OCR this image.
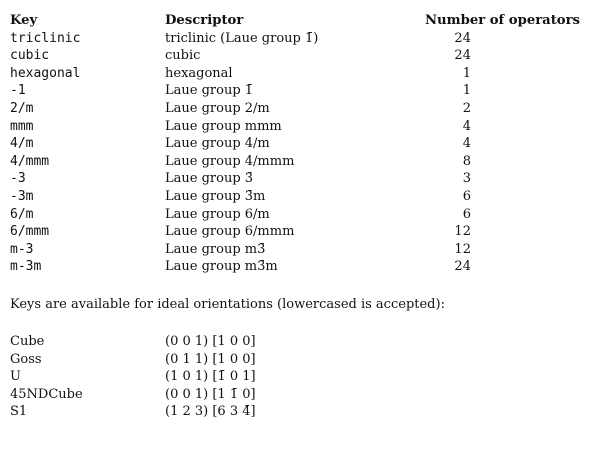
Key	Descriptor	Number of operators
triclinic	triclinic (Laue group 1̄)	24
cubic	cubic	24
hexagonal	hexagonal	1
-1	Laue group 1̄	1
2/m	Laue group 2/m	2
mmm	Laue group mmm	4
4/m	Laue group 4/m	4
4/mmm	Laue group 4/mmm	8
-3	Laue group 3̄	3
-3m	Laue group 3̄m	6
6/m	Laue group 6/m	6
6/mmm	Laue group 6/mmm	12
m-3	Laue group m3̄	12
m-3m	Laue group m3̄m	24

Keys are available for ideal orientations (lowercased is accepted):

Cube	(0 0 1) [1 0 0]
Goss	(0 1 1) [1 0 0]
U	(1 0 1) [1̄ 0 1]
45NDCube	(0 0 1) [1 1̄ 0]
S1	(1 2 3) [6 3 4̄]
